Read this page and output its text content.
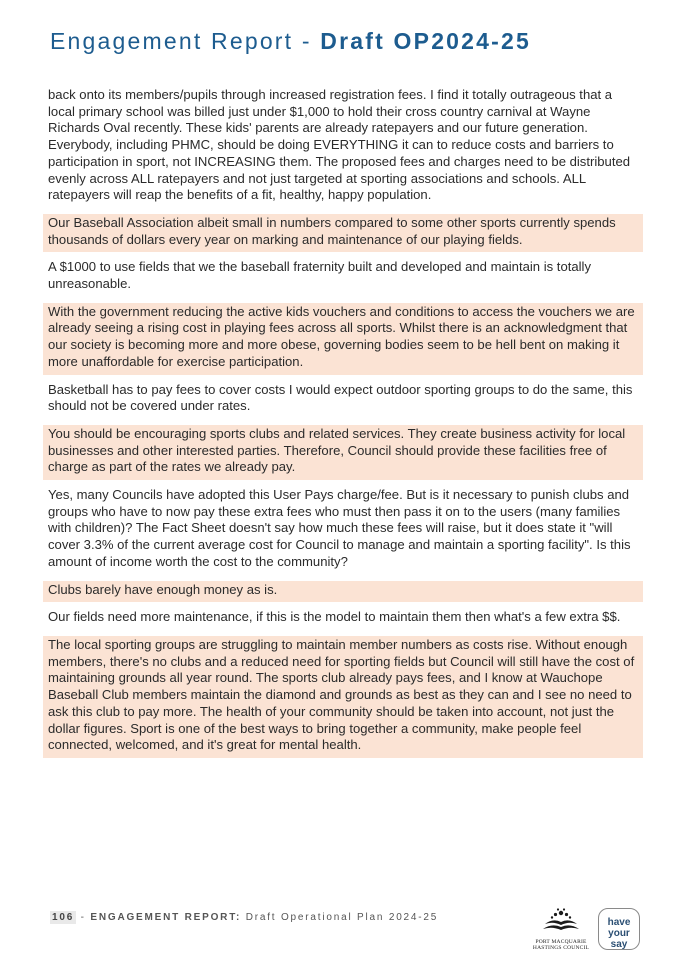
Engagement Report - Draft OP2024-25
back onto its members/pupils through increased registration fees. I find it totally outrageous that a local primary school was billed just under $1,000 to hold their cross country carnival at Wayne Richards Oval recently. These kids' parents are already ratepayers and our future generation. Everybody, including PHMC, should be doing EVERYTHING it can to reduce costs and barriers to participation in sport, not INCREASING them. The proposed fees and charges need to be distributed evenly across ALL ratepayers and not just targeted at sporting associations and schools. ALL ratepayers will reap the benefits of a fit, healthy, happy population.
Our Baseball Association albeit small in numbers compared to some other sports currently spends thousands of dollars every year on marking and maintenance of our playing fields.
A $1000 to use fields that we the baseball fraternity built and developed and maintain is totally unreasonable.
With the government reducing the active kids vouchers and conditions to access the vouchers we are already seeing a rising cost in playing fees across all sports. Whilst there is an acknowledgment that our society is becoming more and more obese, governing bodies seem to be hell bent on making it more unaffordable for exercise participation.
Basketball has to pay fees to cover costs I would expect outdoor sporting groups to do the same, this should not be covered under rates.
You should be encouraging sports clubs and related services. They create business activity for local businesses and other interested parties. Therefore, Council should provide these facilities free of charge as part of the rates we already pay.
Yes, many Councils have adopted this User Pays charge/fee. But is it necessary to punish clubs and groups who have to now pay these extra fees who must then pass it on to the users (many families with children)? The Fact Sheet doesn't say how much these fees will raise, but it does state it "will cover 3.3% of the current average cost for Council to manage and maintain a sporting facility". Is this amount of income worth the cost to the community?
Clubs barely have enough money as is.
Our fields need more maintenance, if this is the model to maintain them then what's a few extra $$.
The local sporting groups are struggling to maintain member numbers as costs rise. Without enough members, there's no clubs and a reduced need for sporting fields but Council will still have the cost of maintaining grounds all year round. The sports club already pays fees, and I know at Wauchope Baseball Club members maintain the diamond and grounds as best as they can and I see no need to ask this club to pay more. The health of your community should be taken into account, not just the dollar figures. Sport is one of the best ways to bring together a community, make people feel connected, welcomed, and it's great for mental health.
106 - ENGAGEMENT REPORT: Draft Operational Plan 2024-25
PORT MACQUARIE
HASTINGS COUNCIL
have
your say
